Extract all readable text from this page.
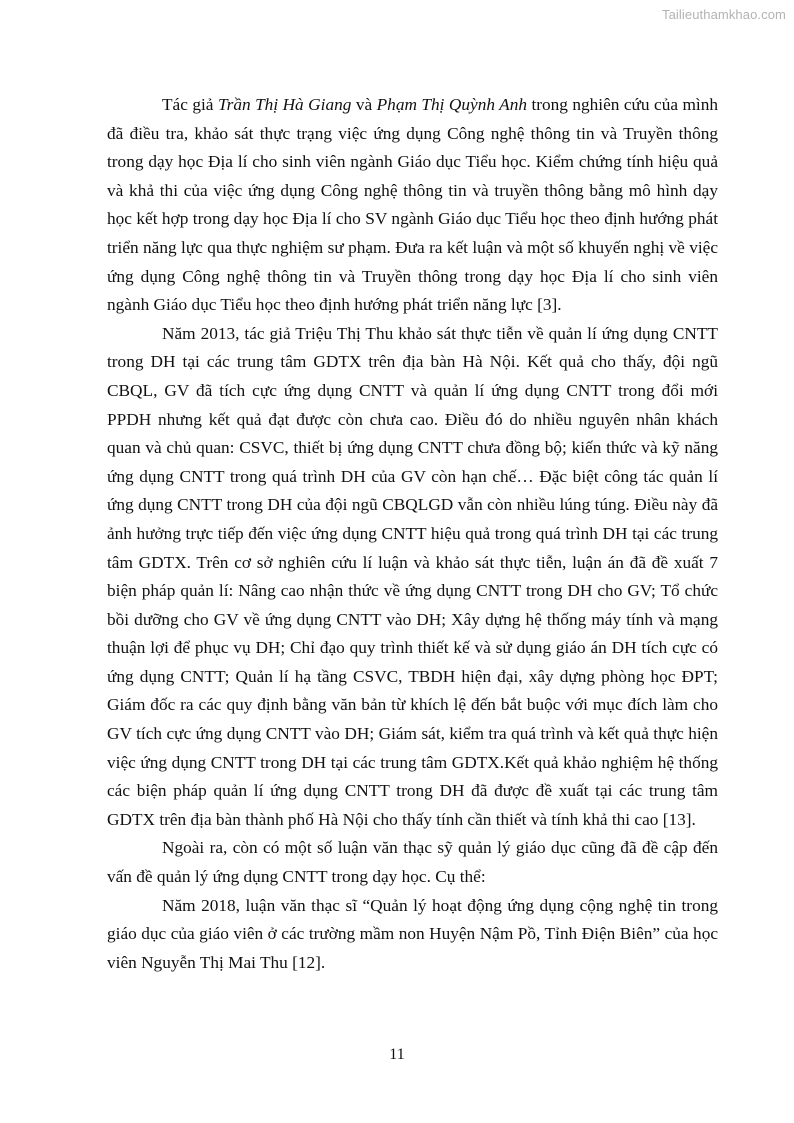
Tailieuthamkhao.com

Tác giả Trần Thị Hà Giang và Phạm Thị Quỳnh Anh trong nghiên cứu của mình đã điều tra, khảo sát thực trạng việc ứng dụng Công nghệ thông tin và Truyền thông trong dạy học Địa lí cho sinh viên ngành Giáo dục Tiểu học. Kiểm chứng tính hiệu quả và khả thi của việc ứng dụng Công nghệ thông tin và truyền thông bằng mô hình dạy học kết hợp trong dạy học Địa lí cho SV ngành Giáo dục Tiểu học theo định hướng phát triển năng lực qua thực nghiệm sư phạm. Đưa ra kết luận và một số khuyến nghị về việc ứng dụng Công nghệ thông tin và Truyền thông trong dạy học Địa lí cho sinh viên ngành Giáo dục Tiểu học theo định hướng phát triển năng lực [3].

Năm 2013, tác giả Triệu Thị Thu khảo sát thực tiễn về quản lí ứng dụng CNTT trong DH tại các trung tâm GDTX trên địa bàn Hà Nội. Kết quả cho thấy, đội ngũ CBQL, GV đã tích cực ứng dụng CNTT và quản lí ứng dụng CNTT trong đổi mới PPDH nhưng kết quả đạt được còn chưa cao. Điều đó do nhiều nguyên nhân khách quan và chủ quan: CSVC, thiết bị ứng dụng CNTT chưa đồng bộ; kiến thức và kỹ năng ứng dụng CNTT trong quá trình DH của GV còn hạn chế… Đặc biệt công tác quản lí ứng dụng CNTT trong DH của đội ngũ CBQLGD vẫn còn nhiều lúng túng. Điều này đã ảnh hưởng trực tiếp đến việc ứng dụng CNTT hiệu quả trong quá trình DH tại các trung tâm GDTX. Trên cơ sở nghiên cứu lí luận và khảo sát thực tiễn, luận án đã đề xuất 7 biện pháp quản lí: Nâng cao nhận thức về ứng dụng CNTT trong DH cho GV; Tổ chức bồi dưỡng cho GV về ứng dụng CNTT vào DH; Xây dựng hệ thống máy tính và mạng thuận lợi để phục vụ DH; Chỉ đạo quy trình thiết kế và sử dụng giáo án DH tích cực có ứng dụng CNTT; Quản lí hạ tầng CSVC, TBDH hiện đại, xây dựng phòng học ĐPT; Giám đốc ra các quy định bằng văn bản từ khích lệ đến bắt buộc với mục đích làm cho GV tích cực ứng dụng CNTT vào DH; Giám sát, kiểm tra quá trình và kết quả thực hiện việc ứng dụng CNTT trong DH tại các trung tâm GDTX.Kết quả khảo nghiệm hệ thống các biện pháp quản lí ứng dụng CNTT trong DH đã được đề xuất tại các trung tâm GDTX trên địa bàn thành phố Hà Nội cho thấy tính cần thiết và tính khả thi cao [13].

Ngoài ra, còn có một số luận văn thạc sỹ quản lý giáo dục cũng đã đề cập đến vấn đề quản lý ứng dụng CNTT trong dạy học. Cụ thể:

Năm 2018, luận văn thạc sĩ “Quản lý hoạt động ứng dụng cộng nghệ tin trong giáo dục của giáo viên ở các trường mầm non Huyện Nậm Pồ, Tỉnh Điện Biên” của học viên Nguyễn Thị Mai Thu [12].

11
